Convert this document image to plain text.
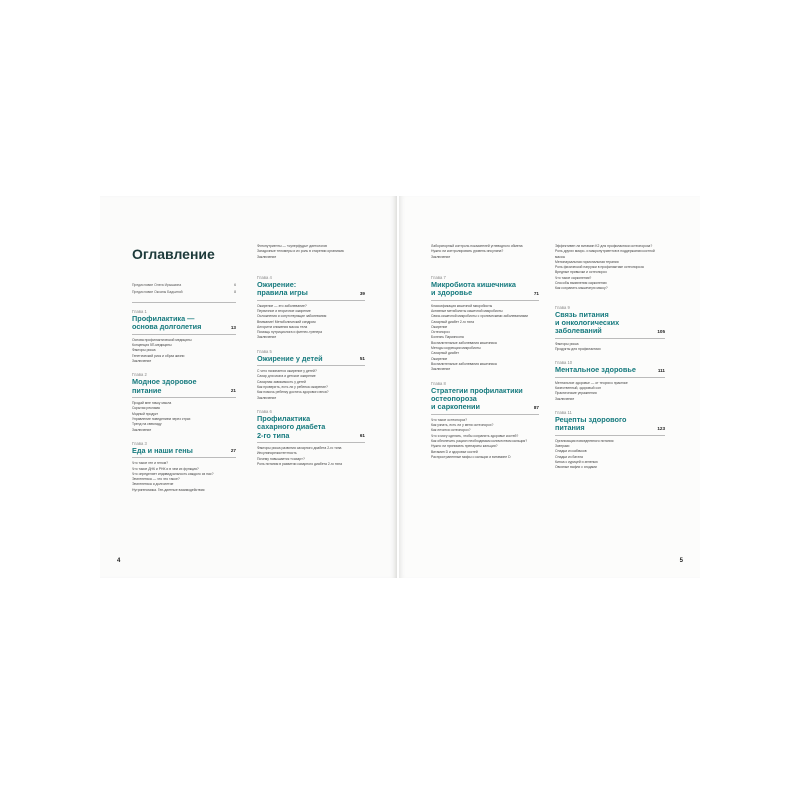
Оглавление
Предисловие Олега Ирышкина	6
Предисловие Оксаны Бадьиной	8
Глава 1
Профилактика —
основа долголетия	13
Основа профилактической медицины
Концепция 5П-медицины
Факторы риска
Генетический риск и образ жизни
Заключение
Глава 2
Модное здоровое
питание	21
Продай мне пачку масла
Скрытая реклама
Модный продукт
Управление поведением через страх
Тренд на свекладу
Заключение
Глава 3
Еда и наши гены	27
Что такое ген и геном?
Что такое ДНК и РНК и в чем их функция?
Что определяет индивидуальность каждого из нас?
Эпигенетика — что это такое?
Эпигенетика и долголетие
Нутригеномика. Ген-диетные взаимодействия
Фитонутриенты — «суперфуды» диетологов
Загадочные теломеры и их роль в старении организма
Заключение
Глава 4
Ожирение:
правила игры	39
Ожирение — это заболевание?
Первичное и вторичное ожирение
Осложнения и сопутствующие заболевания
Внимание! Метаболический синдром
Алгоритм снижения массы тела
Помощь нутрициолога и фитнес-тренера
Заключение
Глава 5
Ожирение у детей	51
С чего начинается ожирение у детей?
Сахар для мозга и детское ожирение
Сахарная зависимость у детей
Как проверить, есть ли у ребенка ожирение?
Как помочь ребенку достичь здорового веса?
Заключение
Глава 6
Профилактика
сахарного диабета
2-го типа	61
Факторы риска развития сахарного диабета 2-го типа
Инсулинорезистентность
Почему повышается «сахар»?
Роль питания в развитии сахарного диабета 2-го типа
4
Лабораторный контроль показателей углеводного обмена
Нужно ли контролировать уровень инсулина?
Заключение
Глава 7
Микробиота кишечника
и здоровье	71
Классификация кишечной микробиоты
Активные метаболиты кишечной микробиоты
Связь кишечной микробиоты с хроническими заболеваниями
Сахарный диабет 2-го типа
Ожирение
Остеопороз
Болезнь Паркинсона
Воспалительные заболевания кишечника
Методы коррекции микробиоты
Сахарный диабет
Ожирение
Воспалительные заболевания кишечника
Заключение
Глава 8
Стратегии профилактики
остеопороза
и саркопении	87
Что такое остеопороз?
Как узнать, есть ли у меня остеопороз?
Как лечится остеопороз?
Что я могу сделать, чтобы сохранить здоровье костей?
Как обеспечить рацион необходимым количеством кальция?
Нужно ли принимать препараты кальция?
Витамин D и здоровье костей
Распространенные мифы о кальции и витамине D
Эффективен ли витамин K2 для профилактики остеопороза?
Роль других микро- и макронутриентов в поддержании костной массы
Менопаузальная гормональная терапия
Роль физической нагрузки в профилактике остеопороза
Вредные привычки и остеопороз
Что такое саркопения?
Способы выявления саркопении
Как сохранить мышечную массу?
Глава 9
Связь питания
и онкологических
заболеваний	105
Факторы риска
Продукты для профилактики
Глава 10
Ментальное здоровье	111
Ментальное здоровье — от теории к практике
Качественный, здоровый сон
Практические упражнения
Заключение
Глава 11
Рецепты здорового
питания	123
Организация повседневного питания
Завтраки
Оладьи из кабачков
Оладьи из батата
Киноа с курицей и зеленью
Овсяные вафли с ягодами
5
